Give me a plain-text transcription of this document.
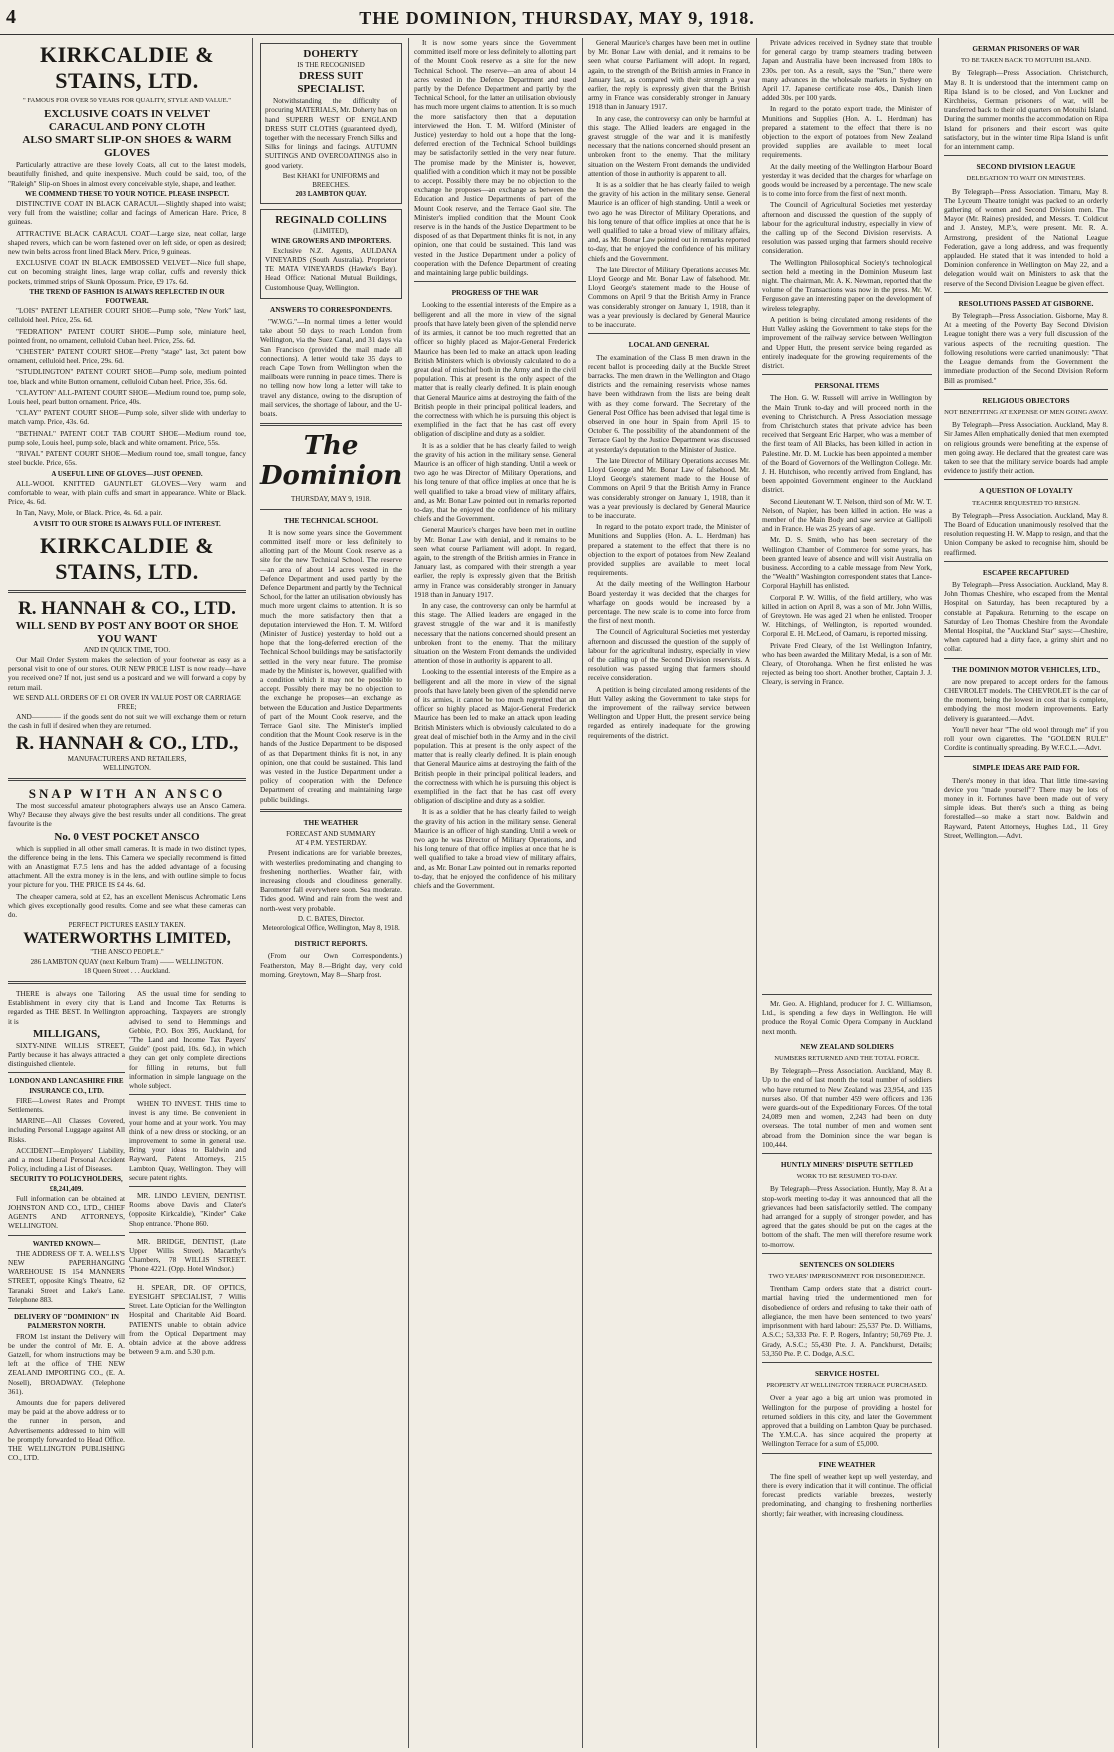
4	THE DOMINION, THURSDAY, MAY 9, 1918.
KIRKCALDIE & STAINS, LTD.
" FAMOUS FOR OVER 50 YEARS FOR QUALITY, STYLE AND VALUE."
EXCLUSIVE COATS IN VELVET
CARACUL AND PONY CLOTH
ALSO SMART SLIP-ON SHOES & WARM GLOVES

Particularly attractive are these lovely Coats, all cut to the latest models, beautifully finished, and quite inexpensive. Much could be said, too, of the "Raleigh" Slip-on Shoes in almost every conceivable style, shape, and leather.

WE COMMEND THESE TO YOUR NOTICE. PLEASE INSPECT.

DISTINCTIVE COAT IN BLACK CARACUL—Slightly shaped into waist; very full from the waistline; collar and facings of American Hare. Price, 8 guineas.

ATTRACTIVE BLACK CARACUL COAT—Large size, neat collar, large shaped revers, which can be worn fastened over on left side, or open as desired; new twin belts across front lined Black Merv. Price, 9 guineas.

EXCLUSIVE COAT IN BLACK EMBOSSED VELVET—Nice full shape, cut on becoming straight lines, large wrap collar, cuffs and reversly thick pockets, trimmed strips of Skunk Opossum. Price, £9 17s. 6d.

THE TREND OF FASHION IS ALWAYS REFLECTED IN OUR FOOTWEAR.

"LOIS" PATENT LEATHER COURT SHOE—Pump sole, "New York" last, celluloid heel. Price, 25s. 6d.

"FEDRATION" PATENT COURT SHOE—Pump sole, miniature heel, pointed front, no ornament, celluloid Cuban heel. Price, 25s. 6d.

"CHESTER" PATENT COURT SHOE—Pretty "stage" last, 3ct patent bow ornament, celluloid heel. Price, 29s. 6d.

"STUDLINGTON" PATENT COURT SHOE—Pump sole, medium pointed toe, black and white Button ornament, celluloid Cuban heel. Price, 35s. 6d.

"CLAYTON" ALL-PATENT COURT SHOE—Medium round toe, pump sole, Louis heel, pearl button ornament. Price, 40s.

"CLAY" PATENT COURT SHOE—Pump sole, silver slide with underlay to match vamp. Price, 43s. 6d.

"BETHNAL" PATENT COLT TAB COURT SHOE—Medium round toe, pump sole, Louis heel, pump sole, black and white ornament. Price, 55s.

"RIVAL" PATENT COURT SHOE—Medium round toe, small tongue, fancy steel buckle. Price, 65s.

A USEFUL LINE OF GLOVES—JUST OPENED.

ALL-WOOL KNITTED GAUNTLET GLOVES—Very warm and comfortable to wear, with plain cuffs and smart in appearance. White or Black. Price, 4s. 6d.

In Tan, Navy, Mole, or Black. Price, 4s. 6d. a pair.

A VISIT TO OUR STORE IS ALWAYS FULL OF INTEREST.
KIRKCALDIE & STAINS, LTD.
R. HANNAH & CO., LTD.
WILL SEND BY POST ANY BOOT OR SHOE YOU WANT
AND IN QUICK TIME, TOO.

Our Mail Order System makes the selection of your footwear as easy as a personal visit to one of our stores. OUR NEW PRICE LIST is now ready—have you received one? If not, just send us a postcard and we will forward a copy by return mail.

WE SEND ALL ORDERS OF £1 OR OVER IN VALUE POST OR CARRIAGE FREE;

AND———— if the goods sent do not suit we will exchange them or return the cash in full if desired when they are returned.

R. HANNAH & CO., LTD.,
MANUFACTURERS AND RETAILERS,
WELLINGTON.
SNAP WITH AN ANSCO

The most successful amateur photographers always use an Ansco Camera. Why? Because they always give the best results under all conditions. The great favourite is the

No. 0 VEST POCKET ANSCO

which is supplied in all other small cameras. It is made in two distinct types, the difference being in the lens. This Camera we specially recommend is fitted with an Anastigmat F.7.5 lens and has the added advantage of a focusing attachment. All the extra money is in the lens, and with outline simple to focus your picture for you. THE PRICE IS £4 4s. 6d.

The cheaper camera, sold at £2, has an excellent Meniscus Achromatic Lens which gives exceptionally good results. Come and see what these cameras can do.

PERFECT PICTURES EASILY TAKEN.
WATERWORTHS LIMITED,
"THE ANSCO PEOPLE."
286 LAMBTON QUAY (next Kelburn Tram) —— WELLINGTON.
18 Queen Street . . . Auckland.

THERE is always one Tailoring Establishment in every city that is regarded as THE BEST. In Wellington it is

MILLIGANS,

SIXTY-NINE WILLIS STREET, Partly because it has always attracted a distinguished clientele.

LONDON AND LANCASHIRE FIRE INSURANCE CO., LTD.

FIRE—Lowest Rates and Prompt Settlements.

MARINE—All Classes Covered, including Personal Luggage against All Risks.

ACCIDENT—Employers' Liability, and a most Liberal Personal Accident Policy, including a List of Diseases.

SECURITY TO POLICYHOLDERS, £8,241,409.

Full information can be obtained at JOHNSTON AND CO., LTD., CHIEF AGENTS AND ATTORNEYS, WELLINGTON.

WANTED KNOWN—

THE ADDRESS OF T. A. WELLS'S NEW PAPERHANGING WAREHOUSE IS 154 MANNERS STREET, opposite King's Theatre, 62 Taranaki Street and Lake's Lane. Telephone 883.

DELIVERY OF "DOMINION" IN PALMERSTON NORTH.

FROM 1st instant the Delivery will be under the control of Mr. E. A. Gatzell, for whom instructions may be left at the office of THE NEW ZEALAND IMPORTING CO., (E. A. Nosell), BROADWAY. (Telephone 361).

Amounts due for papers delivered may be paid at the above address or to the runner in person, and Advertisements addressed to him will be promptly forwarded to Head Office. THE WELLINGTON PUBLISHING CO., LTD.

AS the usual time for sending to Land and Income Tax Returns is approaching, Taxpayers are strongly advised to send to Hemmings and Gebbie, P.O. Box 395, Auckland, for "The Land and Income Tax Payers' Guide" (post paid, 10s. 6d.), in which they can get only complete directions for filling in returns, but full information in simple language on the whole subject.

WHEN TO INVEST. THIS time to invest is any time. Be convenient in your home and at your work. You may think of a new dress or stocking, or an improvement to some in general use. Bring your ideas to Baldwin and Rayward, Patent Attorneys, 215 Lambton Quay, Wellington. They will secure patent rights.

MR. LINDO LEVIEN, DENTIST. Rooms above Davis and Clater's (opposite Kirkcaldie), "Kinder" Cake Shop entrance. 'Phone 860.

MR. BRIDGE, DENTIST, (Late Upper Willis Street). Macarthy's Chambers, 78 WILLIS STREET. 'Phone 4221. (Opp. Hotel Windsor.)

H. SPEAR, DR. OF OPTICS, EYESIGHT SPECIALIST, 7 Willis Street. Late Optician for the Wellington Hospital and Charitable Aid Board. PATIENTS unable to obtain advice from the Optical Department may obtain advice at the above address between 9 a.m. and 5.30 p.m.

DOHERTY
IS THE RECOGNISED
DRESS SUIT SPECIALIST.

Notwithstanding the difficulty of procuring MATERIALS, Mr. Doherty has on hand SUPERB WEST OF ENGLAND DRESS SUIT CLOTHS (guaranteed dyed), together with the necessary French Silks and Silks for linings and facings. AUTUMN SUITINGS AND OVERCOATINGS also in good variety.

Best KHAKI for UNIFORMS and BREECHES.
203 LAMBTON QUAY.
REGINALD COLLINS
(LIMITED),
WINE GROWERS AND IMPORTERS.

Exclusive N.Z. Agents, AULDANA VINEYARDS (South Australia). Proprietor TE MATA VINEYARDS (Hawke's Bay). Head Office: National Mutual Buildings, Customhouse Quay, Wellington.

ANSWERS TO CORRESPONDENTS.

"W.W.G."—In normal times a letter would take about 50 days to reach London from Wellington, via the Suez Canal, and 31 days via San Francisco (provided the mail made all connections). A letter would take 35 days to reach Cape Town from Wellington when the mailboats were running in peace times. There is no telling now how long a letter will take to travel any distance, owing to the disruption of mail services, the shortage of labour, and the U-boats.

The Dominion
THURSDAY, MAY 9, 1918.
THE TECHNICAL SCHOOL

It is now some years since the Government committed itself more or less definitely to allotting part of the Mount Cook reserve as a site for the new Technical School. The reserve—an area of about 14 acres vested in the Defence Department and used partly by the Defence Department and partly by the Technical School, for the latter an utilisation obviously has much more urgent claims to attention. It is so much the more satisfactory then that a deputation interviewed the Hon. T. M. Wilford (Minister of Justice) yesterday to hold out a hope that the long-deferred erection of the Technical School buildings may be satisfactorily settled in the very near future. The promise made by the Minister is, however, qualified with a condition which it may not be possible to accept. Possibly there may be no objection to the exchange he proposes—an exchange as between the Education and Justice Departments of part of the Mount Cook reserve, and the Terrace Gaol site. The Minister's implied condition that the Mount Cook reserve is in the hands of the Justice Department to be disposed of as that Department thinks fit is not, in any opinion, one that could be sustained. This land was vested in the Justice Department under a policy of cooperation with the Defence Department of creating and maintaining large public buildings.

THE WEATHER
FORECAST AND SUMMARY
AT 4 P.M. YESTERDAY.

Present indications are for variable breezes, with westerlies predominating and changing to freshening northerlies. Weather fair, with increasing clouds and cloudiness generally. Barometer fall everywhere soon. Sea moderate. Tides good. Wind and rain from the west and north-west very probable.

D. C. BATES, Director.
Meteorological Office, Wellington, May 8, 1918.
DISTRICT REPORTS.

(From our Own Correspondents.) Featherston, May 8.—Bright day, very cold morning. Greytown, May 8—Sharp frost.

It is now some years since the Government committed itself more or less definitely to allotting part of the Mount Cook reserve as a site for the new Technical School. The reserve—an area of about 14 acres vested in the Defence Department and used partly by the Defence Department and partly by the Technical School, for the latter an utilisation obviously has much more urgent claims to attention. It is so much the more satisfactory then that a deputation interviewed the Hon. T. M. Wilford (Minister of Justice) yesterday to hold out a hope that the long-deferred erection of the Technical School buildings may be satisfactorily settled in the very near future. The promise made by the Minister is, however, qualified with a condition which it may not be possible to accept. Possibly there may be no objection to the exchange he proposes—an exchange as between the Education and Justice Departments of part of the Mount Cook reserve, and the Terrace Gaol site. The Minister's implied condition that the Mount Cook reserve is in the hands of the Justice Department to be disposed of as that Department thinks fit is not, in any opinion, one that could be sustained. This land was vested in the Justice Department under a policy of cooperation with the Defence Department of creating and maintaining large public buildings.

PROGRESS OF THE WAR

Looking to the essential interests of the Empire as a belligerent and all the more in view of the signal proofs that have lately been given of the splendid nerve of its armies, it cannot be too much regretted that an officer so highly placed as Major-General Frederick Maurice has been led to make an attack upon leading British Ministers which is obviously calculated to do a great deal of mischief both in the Army and in the civil population. This at present is the only aspect of the matter that is really clearly defined. It is plain enough that General Maurice aims at destroying the faith of the British people in their principal political leaders, and the correctness with which he is pursuing this object is exemplified in the fact that he has cast off every obligation of discipline and duty as a soldier.

It is as a soldier that he has clearly failed to weigh the gravity of his action in the military sense. General Maurice is an officer of high standing. Until a week or two ago he was Director of Military Operations, and his long tenure of that office implies at once that he is well qualified to take a broad view of military affairs, and, as Mr. Bonar Law pointed out in remarks reported to-day, that he enjoyed the confidence of his military chiefs and the Government.

General Maurice's charges have been met in outline by Mr. Bonar Law with denial, and it remains to be seen what course Parliament will adopt. In regard, again, to the strength of the British armies in France in January last, as compared with their strength a year earlier, the reply is expressly given that the British army in France was considerably stronger in January 1918 than in January 1917.

In any case, the controversy can only be harmful at this stage. The Allied leaders are engaged in the gravest struggle of the war and it is manifestly necessary that the nations concerned should present an unbroken front to the enemy. That the military situation on the Western Front demands the undivided attention of those in authority is apparent to all.

Looking to the essential interests of the Empire as a belligerent and all the more in view of the signal proofs that have lately been given of the splendid nerve of its armies, it cannot be too much regretted that an officer so highly placed as Major-General Frederick Maurice has been led to make an attack upon leading British Ministers which is obviously calculated to do a great deal of mischief both in the Army and in the civil population. This at present is the only aspect of the matter that is really clearly defined. It is plain enough that General Maurice aims at destroying the faith of the British people in their principal political leaders, and the correctness with which he is pursuing this object is exemplified in the fact that he has cast off every obligation of discipline and duty as a soldier.

It is as a soldier that he has clearly failed to weigh the gravity of his action in the military sense. General Maurice is an officer of high standing. Until a week or two ago he was Director of Military Operations, and his long tenure of that office implies at once that he is well qualified to take a broad view of military affairs, and, as Mr. Bonar Law pointed out in remarks reported to-day, that he enjoyed the confidence of his military chiefs and the Government.

General Maurice's charges have been met in outline by Mr. Bonar Law with denial, and it remains to be seen what course Parliament will adopt. In regard, again, to the strength of the British armies in France in January last, as compared with their strength a year earlier, the reply is expressly given that the British army in France was considerably stronger in January 1918 than in January 1917.

In any case, the controversy can only be harmful at this stage. The Allied leaders are engaged in the gravest struggle of the war and it is manifestly necessary that the nations concerned should present an unbroken front to the enemy. That the military situation on the Western Front demands the undivided attention of those in authority is apparent to all.

It is as a soldier that he has clearly failed to weigh the gravity of his action in the military sense. General Maurice is an officer of high standing. Until a week or two ago he was Director of Military Operations, and his long tenure of that office implies at once that he is well qualified to take a broad view of military affairs, and, as Mr. Bonar Law pointed out in remarks reported to-day, that he enjoyed the confidence of his military chiefs and the Government.

The late Director of Military Operations accuses Mr. Lloyd George and Mr. Bonar Law of falsehood. Mr. Lloyd George's statement made to the House of Commons on April 9 that the British Army in France was considerably stronger on January 1, 1918, than it was a year previously is declared by General Maurice to be inaccurate.

LOCAL AND GENERAL

The examination of the Class B men drawn in the recent ballot is proceeding daily at the Buckle Street barracks. The men drawn in the Wellington and Otago districts and the remaining reservists whose names have been withdrawn from the lists are being dealt with as they come forward. The Secretary of the General Post Office has been advised that legal time is observed in one hour in Spain from April 15 to October 6. The possibility of the abandonment of the Terrace Gaol by the Justice Department was discussed at yesterday's deputation to the Minister of Justice.

The late Director of Military Operations accuses Mr. Lloyd George and Mr. Bonar Law of falsehood. Mr. Lloyd George's statement made to the House of Commons on April 9 that the British Army in France was considerably stronger on January 1, 1918, than it was a year previously is declared by General Maurice to be inaccurate.

In regard to the potato export trade, the Minister of Munitions and Supplies (Hon. A. L. Herdman) has prepared a statement to the effect that there is no objection to the export of potatoes from New Zealand provided supplies are available to meet local requirements.

At the daily meeting of the Wellington Harbour Board yesterday it was decided that the charges for wharfage on goods would be increased by a percentage. The new scale is to come into force from the first of next month.

The Council of Agricultural Societies met yesterday afternoon and discussed the question of the supply of labour for the agricultural industry, especially in view of the calling up of the Second Division reservists. A resolution was passed urging that farmers should receive consideration.

A petition is being circulated among residents of the Hutt Valley asking the Government to take steps for the improvement of the railway service between Wellington and Upper Hutt, the present service being regarded as entirely inadequate for the growing requirements of the district.

Private advices received in Sydney state that trouble for general cargo by tramp steamers trading between Japan and Australia have been increased from 180s to 230s. per ton. As a result, says the "Sun," there were many advances in the wholesale markets in Sydney on April 17. Japanese certificate rose 40s., Danish linen added 30s. per 100 yards.

In regard to the potato export trade, the Minister of Munitions and Supplies (Hon. A. L. Herdman) has prepared a statement to the effect that there is no objection to the export of potatoes from New Zealand provided supplies are available to meet local requirements.

At the daily meeting of the Wellington Harbour Board yesterday it was decided that the charges for wharfage on goods would be increased by a percentage. The new scale is to come into force from the first of next month.

The Council of Agricultural Societies met yesterday afternoon and discussed the question of the supply of labour for the agricultural industry, especially in view of the calling up of the Second Division reservists. A resolution was passed urging that farmers should receive consideration.

The Wellington Philosophical Society's technological section held a meeting in the Dominion Museum last night. The chairman, Mr. A. K. Newman, reported that the volume of the Transactions was now in the press. Mr. W. Ferguson gave an interesting paper on the development of wireless telegraphy.

A petition is being circulated among residents of the Hutt Valley asking the Government to take steps for the improvement of the railway service between Wellington and Upper Hutt, the present service being regarded as entirely inadequate for the growing requirements of the district.

PERSONAL ITEMS

The Hon. G. W. Russell will arrive in Wellington by the Main Trunk to-day and will proceed north in the evening to Christchurch. A Press Association message from Christchurch states that private advice has been received that Sergeant Eric Harper, who was a member of the first team of All Blacks, has been killed in action in Palestine. Mr. D. M. Luckie has been appointed a member of the Board of Governors of the Wellington College. Mr. J. H. Hutchison, who recently arrived from England, has been appointed Government engineer to the Auckland district.

Second Lieutenant W. T. Nelson, third son of Mr. W. T. Nelson, of Napier, has been killed in action. He was a member of the Main Body and saw service at Gallipoli and in France. He was 25 years of age.

Mr. D. S. Smith, who has been secretary of the Wellington Chamber of Commerce for some years, has been granted leave of absence and will visit Australia on business. According to a cable message from New York, the "Wealth" Washington correspondent states that Lance-Corporal Hayhill has enlisted.

Corporal P. W. Willis, of the field artillery, who was killed in action on April 8, was a son of Mr. John Willis, of Greytown. He was aged 21 when he enlisted. Trooper W. Hitchings, of Wellington, is reported wounded. Corporal E. H. McLeod, of Oamaru, is reported missing.

Private Fred Cleary, of the 1st Wellington Infantry, who has been awarded the Military Medal, is a son of Mr. Cleary, of Otorohanga. When he first enlisted he was rejected as being too short. Another brother, Captain J. J. Cleary, is serving in France.

GERMAN PRISONERS OF WAR
TO BE TAKEN BACK TO MOTUIHI ISLAND.

By Telegraph—Press Association. Christchurch, May 8. It is understood that the internment camp on Ripa Island is to be closed, and Von Luckner and Kirchheiss, German prisoners of war, will be transferred back to their old quarters on Motuihi Island. During the summer months the accommodation on Ripa Island for prisoners and their escort was quite satisfactory, but in the winter time Ripa Island is unfit for an internment camp.

SECOND DIVISION LEAGUE
DELEGATION TO WAIT ON MINISTERS.

By Telegraph—Press Association. Timaru, May 8. The Lyceum Theatre tonight was packed to an orderly gathering of women and Second Division men. The Mayor (Mr. Raines) presided, and Messrs. T. Coldicut and J. Anstey, M.P.'s, were present. Mr. R. A. Armstrong, president of the National League Federation, gave a long address, and was frequently applauded. He stated that it was intended to hold a Dominion conference in Wellington on May 22, and a delegation would wait on Ministers to ask that the reserve of the Second Division League be given effect.

RESOLUTIONS PASSED AT GISBORNE.

By Telegraph—Press Association. Gisborne, May 8. At a meeting of the Poverty Bay Second Division League tonight there was a very full discussion of the various aspects of the recruiting question. The following resolutions were carried unanimously: "That the League demands from the Government the immediate production of the Second Division Reform Bill as promised."

RELIGIOUS OBJECTORS
NOT BENEFITING AT EXPENSE OF MEN GOING AWAY.

By Telegraph—Press Association. Auckland, May 8. Sir James Allen emphatically denied that men exempted on religious grounds were benefiting at the expense of men going away. He declared that the greatest care was taken to see that the military service boards had ample evidence to justify their action.

A QUESTION OF LOYALTY
TEACHER REQUESTED TO RESIGN.

By Telegraph—Press Association. Auckland, May 8. The Board of Education unanimously resolved that the resolution requesting H. W. Mapp to resign, and that the Union Company be asked to recognise him, should be reaffirmed.

ESCAPEE RECAPTURED

By Telegraph—Press Association. Auckland, May 8. John Thomas Cheshire, who escaped from the Mental Hospital on Saturday, has been recaptured by a constable at Papakura. Returning to the escape on Saturday of Leo Thomas Cheshire from the Avondale Mental Hospital, the "Auckland Star" says:—Cheshire, when captured had a dirty face, a grimy shirt and no collar.

THE DOMINION MOTOR VEHICLES, LTD.,

are now prepared to accept orders for the famous CHEVROLET models. The CHEVROLET is the car of the moment, being the lowest in cost that is complete, embodying the most modern improvements. Early delivery is guaranteed.—Advt.

You'll never hear "The old wool through me" if you roll your own cigarettes. The "GOLDEN RULE" Cordite is continually spreading. By W.F.C.L.—Advt.

SIMPLE IDEAS ARE PAID FOR.

There's money in that idea. That little time-saving device you "made yourself"? There may be lots of money in it. Fortunes have been made out of very simple ideas. But there's such a thing as being forestalled—so make a start now. Baldwin and Rayward, Patent Attorneys, Hughes Ltd., 11 Grey Street, Wellington.—Advt.

Mr. Geo. A. Highland, producer for J. C. Williamson, Ltd., is spending a few days in Wellington. He will produce the Royal Comic Opera Company in Auckland next month.

NEW ZEALAND SOLDIERS
NUMBERS RETURNED AND THE TOTAL FORCE.

By Telegraph—Press Association. Auckland, May 8. Up to the end of last month the total number of soldiers who have returned to New Zealand was 23,954, and 135 nurses also. Of that number 459 were officers and 136 were guards-out of the Expeditionary Forces. Of the total 24,089 men and women, 2,243 had been on duty overseas. The total number of men and women sent abroad from the Dominion since the war began is 100,444.

HUNTLY MINERS' DISPUTE SETTLED
WORK TO BE RESUMED TO-DAY.

By Telegraph—Press Association. Huntly, May 8. At a stop-work meeting to-day it was announced that all the grievances had been satisfactorily settled. The company had arranged for a supply of stronger powder, and has agreed that the gates should be put on the cages at the bottom of the shaft. The men will therefore resume work to-morrow.

SENTENCES ON SOLDIERS
TWO YEARS' IMPRISONMENT FOR DISOBEDIENCE.

Trentham Camp orders state that a district court-martial having tried the undermentioned men for disobedience of orders and refusing to take their oath of allegiance, the men have been sentenced to two years' imprisonment with hard labour: 25,537 Pte. D. Williams, A.S.C.; 53,333 Pte. F. P. Rogers, Infantry; 50,769 Pte. J. Grady, A.S.C.; 55,430 Pte. J. A. Panckhurst, Details; 53,350 Pte. P. C. Dodge, A.S.C.

SERVICE HOSTEL
PROPERTY AT WELLINGTON TERRACE PURCHASED.

Over a year ago a big art union was promoted in Wellington for the purpose of providing a hostel for returned soldiers in this city, and later the Government approved that a building on Lambton Quay be purchased. The Y.M.C.A. has since acquired the property at Wellington Terrace for a sum of £5,000.

FINE WEATHER

The fine spell of weather kept up well yesterday, and there is every indication that it will continue. The official forecast predicts variable breezes, westerly predominating, and changing to freshening northerlies shortly; fair weather, with increasing cloudiness.
